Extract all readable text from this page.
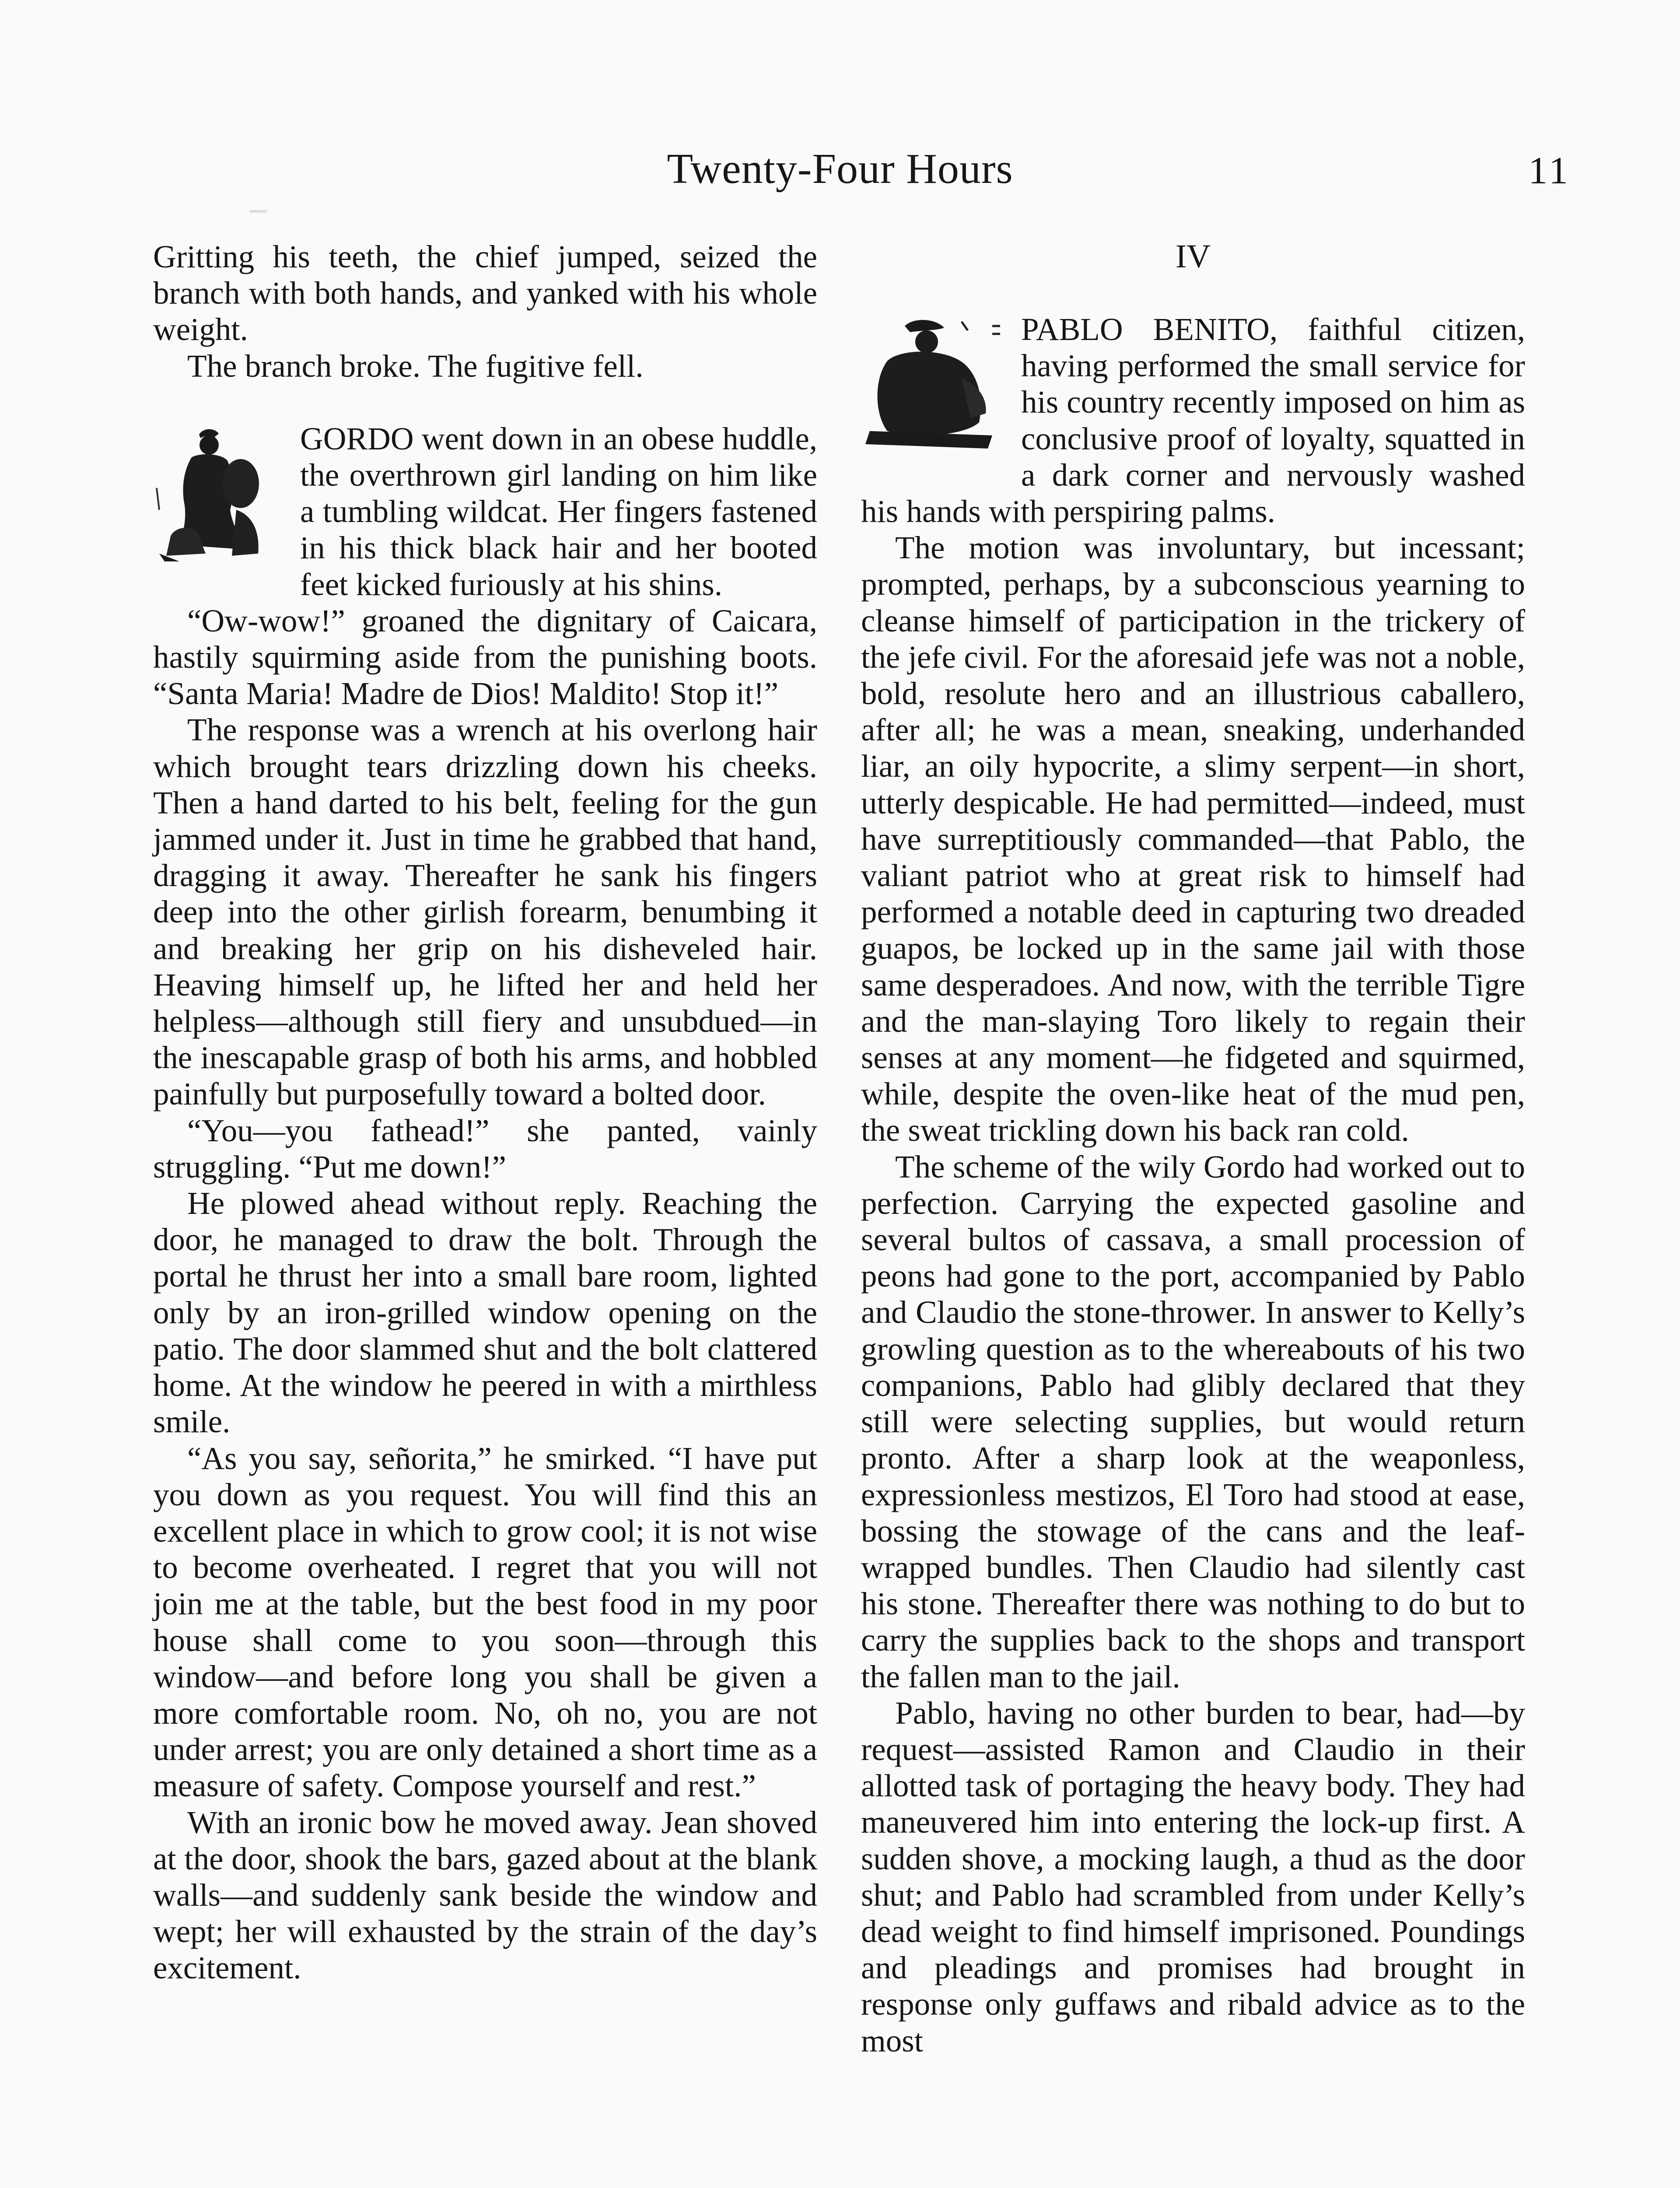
Twenty-Four Hours	11

Gritting his teeth, the chief jumped, seized the branch with both hands, and yanked with his whole weight.

The branch broke. The fugitive fell.

GORDO went down in an obese huddle, the overthrown girl landing on him like a tumbling wildcat. Her fingers fastened in his thick black hair and her booted feet kicked furiously at his shins.

“Ow-wow!” groaned the dignitary of Caicara, hastily squirming aside from the punishing boots. “Santa Maria! Madre de Dios! Maldito! Stop it!”

The response was a wrench at his overlong hair which brought tears drizzling down his cheeks. Then a hand darted to his belt, feeling for the gun jammed under it. Just in time he grabbed that hand, dragging it away. Thereafter he sank his fingers deep into the other girlish forearm, benumbing it and breaking her grip on his disheveled hair. Heaving himself up, he lifted her and held her helpless—although still fiery and unsubdued—in the inescapable grasp of both his arms, and hobbled painfully but purposefully toward a bolted door.

“You—you fathead!” she panted, vainly struggling. “Put me down!”

He plowed ahead without reply. Reaching the door, he managed to draw the bolt. Through the portal he thrust her into a small bare room, lighted only by an iron-grilled window opening on the patio. The door slammed shut and the bolt clattered home. At the window he peered in with a mirthless smile.

“As you say, señorita,” he smirked. “I have put you down as you request. You will find this an excellent place in which to grow cool; it is not wise to become overheated. I regret that you will not join me at the table, but the best food in my poor house shall come to you soon—through this window—and before long you shall be given a more comfortable room. No, oh no, you are not under arrest; you are only detained a short time as a measure of safety. Compose yourself and rest.”

With an ironic bow he moved away. Jean shoved at the door, shook the bars, gazed about at the blank walls—and suddenly sank beside the window and wept; her will exhausted by the strain of the day’s excitement.

IV

PABLO BENITO, faithful citizen, having performed the small service for his country recently imposed on him as conclusive proof of loyalty, squatted in a dark corner and nervously washed his hands with perspiring palms.

The motion was involuntary, but incessant; prompted, perhaps, by a subconscious yearning to cleanse himself of participation in the trickery of the jefe civil. For the aforesaid jefe was not a noble, bold, resolute hero and an illustrious caballero, after all; he was a mean, sneaking, underhanded liar, an oily hypocrite, a slimy serpent—in short, utterly despicable. He had permitted—indeed, must have surreptitiously commanded—that Pablo, the valiant patriot who at great risk to himself had performed a notable deed in capturing two dreaded guapos, be locked up in the same jail with those same desperadoes. And now, with the terrible Tigre and the man-slaying Toro likely to regain their senses at any moment—he fidgeted and squirmed, while, despite the oven-like heat of the mud pen, the sweat trickling down his back ran cold.

The scheme of the wily Gordo had worked out to perfection. Carrying the expected gasoline and several bultos of cassava, a small procession of peons had gone to the port, accompanied by Pablo and Claudio the stone-thrower. In answer to Kelly’s growling question as to the whereabouts of his two companions, Pablo had glibly declared that they still were selecting supplies, but would return pronto. After a sharp look at the weaponless, expressionless mestizos, El Toro had stood at ease, bossing the stowage of the cans and the leaf-wrapped bundles. Then Claudio had silently cast his stone. Thereafter there was nothing to do but to carry the supplies back to the shops and transport the fallen man to the jail.

Pablo, having no other burden to bear, had—by request—assisted Ramon and Claudio in their allotted task of portaging the heavy body. They had maneuvered him into entering the lock-up first. A sudden shove, a mocking laugh, a thud as the door shut; and Pablo had scrambled from under Kelly’s dead weight to find himself imprisoned. Poundings and pleadings and promises had brought in response only guffaws and ribald advice as to the most
